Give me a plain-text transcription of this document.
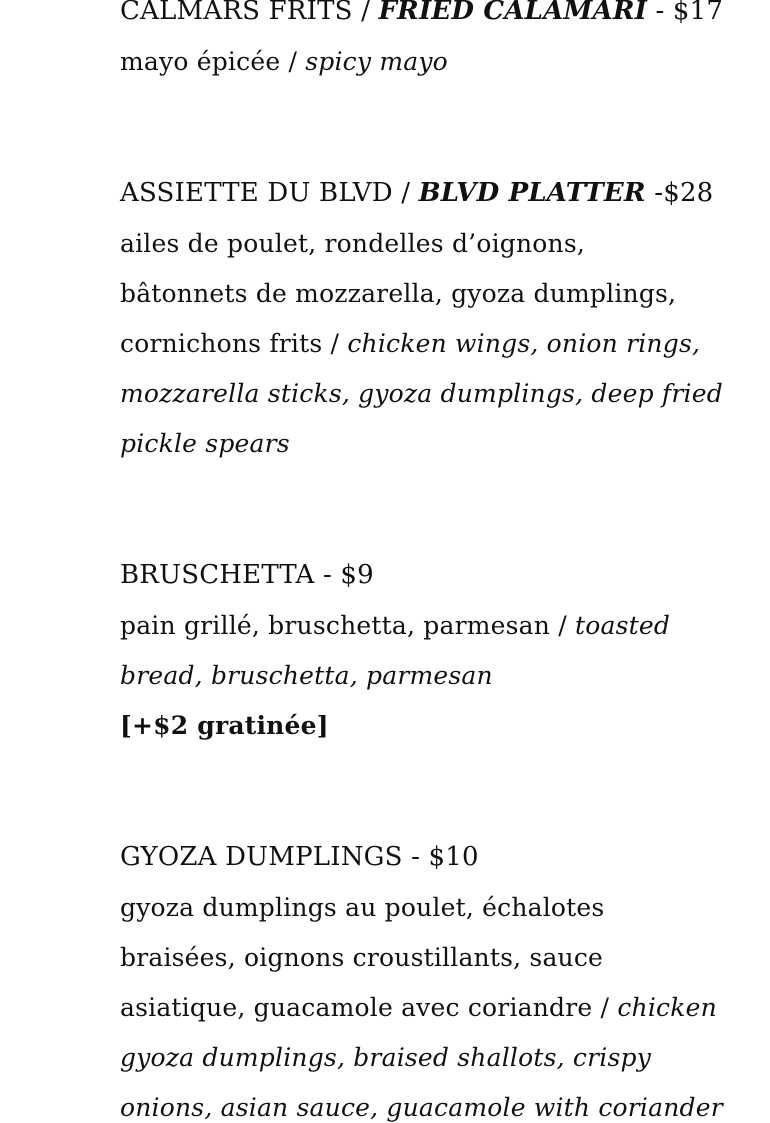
CALMARS FRITS / FRIED CALAMARI - $17
mayo épicée / spicy mayo
ASSIETTE DU BLVD / BLVD PLATTER -$28
ailes de poulet, rondelles d’oignons,
bâtonnets de mozzarella, gyoza dumplings,
cornichons frits / chicken wings, onion rings,
mozzarella sticks, gyoza dumplings, deep fried
pickle spears
BRUSCHETTA - $9
pain grillé, bruschetta, parmesan / toasted
bread, bruschetta, parmesan
[+$2 gratinée]
GYOZA DUMPLINGS - $10
gyoza dumplings au poulet, échalotes
braisées, oignons croustillants, sauce
asiatique, guacamole avec coriandre / chicken
gyoza dumplings, braised shallots, crispy
onions, asian sauce, guacamole with coriander
